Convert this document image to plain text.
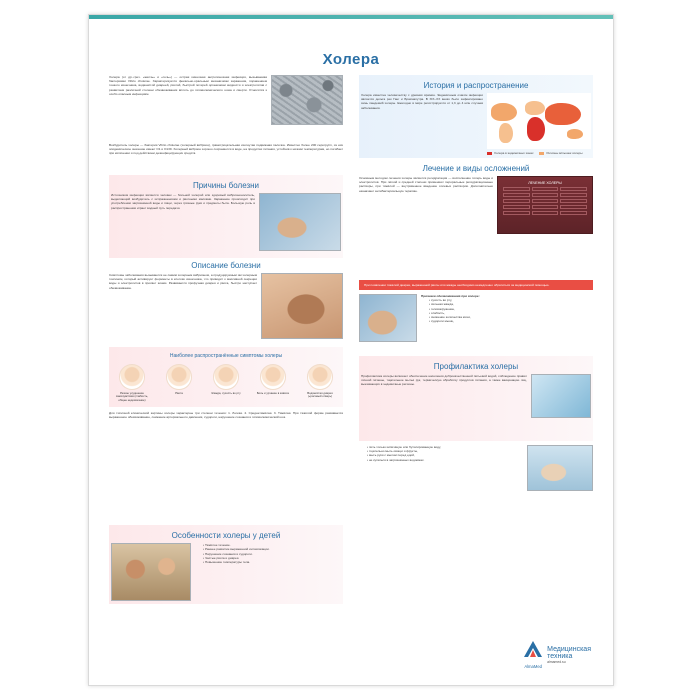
Холера
Холера (от др.-греч. «желчь» и «течь») — острая кишечная антропонозная инфекция, вызываемая бактериями Vibrio cholerae. Характеризуется фекально-оральным механизмом заражения, поражением тонкого кишечника, водянистой диареей, рвотой, быстрой потерей организмом жидкости и электролитов с развитием различной степени обезвоживания вплоть до гиповолемического шока и смерти. Относится к особо опасным инфекциям.
Возбудитель холеры — бактерия Vibrio cholerae (холерный вибрион), грамотрицательная изогнутая подвижная палочка. Известно более 200 серогрупп, из них эпидемическое значение имеют О1 и О139. Холерный вибрион хорошо сохраняется в воде, на продуктах питания, устойчив к низким температурам, но погибает при кипячении и под действием дезинфицирующих средств.
Причины болезни
Источником инфекции является человек — больной холерой или здоровый вибриононоситель, выделяющий возбудитель с испражнениями и рвотными массами. Заражение происходит при употреблении загрязнённой воды и пищи, через грязные руки и предметы быта. Большую роль в распространении играет водный путь передачи.
Описание болезни
Симптомы заболевания вызываются не самим холерным вибрионом, а продуцируемым им холерным токсином, который активирует ферменты в клетках кишечника, что приводит к массивной секреции воды и электролитов в просвет кишки. Развивается профузная диарея и рвота, быстро наступает обезвоживание.
Наиболее распространённые симптомы холеры
Резкое ухудшение самочувствия (слабость, общее недомогание)
Рвота	Жажда, сухость во рту	Боль и урчание в животе	Водянистая диарея («рисовый отвар»)
Для типичной клинической картины холеры характерны три степени течения: 1. Легкая. 2. Среднетяжёлая. 3. Тяжёлая. При тяжёлой форме развивается выраженное обезвоживание, снижение артериального давления, судороги, нарушение сознания и гиповолемический шок.
Особенности холеры у детей
• Тяжёлое течение.
• Раннее развитие выраженной интоксикации.
• Нарушение сознания и судороги.
• Частые рвота и диарея.
• Повышение температуры тела.
История и распространение
Холера известна человечеству с древних времён. Эндемичным очагом инфекции является дельта рек Ганг и Брахмапутра. В XIX–XX веках было зафиксировано семь пандемий холеры. Ежегодно в мире регистрируется от 1,3 до 4 млн случаев заболевания.
Холера в эндемичных зонах	Регионы вспышек холеры
Лечение и виды осложнений
Основным методом лечения холеры является регидратация — восполнение потерь воды и электролитов. При лёгкой и средней степени применяют пероральные регидратационные растворы, при тяжёлой — внутривенное введение солевых растворов. Дополнительно назначают антибактериальную терапию.
ЛЕЧЕНИЕ ХОЛЕРЫ
При появлении тяжёлой диареи, выраженной рвоты или жажды необходимо немедленно обратиться за медицинской помощью.
Признаки обезвоживания при холере:
• сухость во рту,
• сильная жажда,
• головокружение,
• слабость,
• снижение количества мочи,
• судороги мышц.
Профилактика холеры
Профилактика холеры включает обеспечение населения доброкачественной питьевой водой, соблюдение правил личной гигиены, тщательное мытьё рук, термическую обработку продуктов питания, а также вакцинацию лиц, выезжающих в эндемичные регионы.
• пить только кипячёную или бутилированную воду,
• тщательно мыть овощи и фрукты,
• мыть руки с мылом перед едой,
• не купаться в загрязнённых водоёмах.
AlmaMed
Медицинская
техника
almamed.su
